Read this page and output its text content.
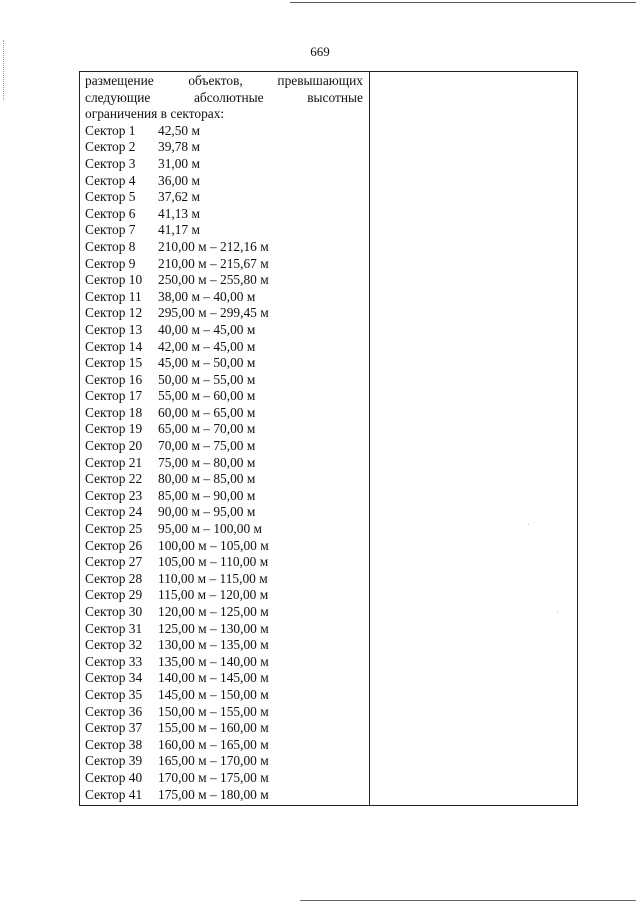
669
размещение	объектов,	превышающих
следующие	абсолютные	высотные
ограничения в секторах:
Сектор 1	42,50 м
Сектор 2	39,78 м
Сектор 3	31,00 м
Сектор 4	36,00 м
Сектор 5	37,62 м
Сектор 6	41,13 м
Сектор 7	41,17 м
Сектор 8	210,00 м – 212,16 м
Сектор 9	210,00 м – 215,67 м
Сектор 10	250,00 м – 255,80 м
Сектор 11	38,00 м – 40,00 м
Сектор 12	295,00 м – 299,45 м
Сектор 13	40,00 м – 45,00 м
Сектор 14	42,00 м – 45,00 м
Сектор 15	45,00 м – 50,00 м
Сектор 16	50,00 м – 55,00 м
Сектор 17	55,00 м – 60,00 м
Сектор 18	60,00 м – 65,00 м
Сектор 19	65,00 м – 70,00 м
Сектор 20	70,00 м – 75,00 м
Сектор 21	75,00 м – 80,00 м
Сектор 22	80,00 м – 85,00 м
Сектор 23	85,00 м – 90,00 м
Сектор 24	90,00 м – 95,00 м
Сектор 25	95,00 м – 100,00 м
Сектор 26	100,00 м – 105,00 м
Сектор 27	105,00 м – 110,00 м
Сектор 28	110,00 м – 115,00 м
Сектор 29	115,00 м – 120,00 м
Сектор 30	120,00 м – 125,00 м
Сектор 31	125,00 м – 130,00 м
Сектор 32	130,00 м – 135,00 м
Сектор 33	135,00 м – 140,00 м
Сектор 34	140,00 м – 145,00 м
Сектор 35	145,00 м – 150,00 м
Сектор 36	150,00 м – 155,00 м
Сектор 37	155,00 м – 160,00 м
Сектор 38	160,00 м – 165,00 м
Сектор 39	165,00 м – 170,00 м
Сектор 40	170,00 м – 175,00 м
Сектор 41	175,00 м – 180,00 м
